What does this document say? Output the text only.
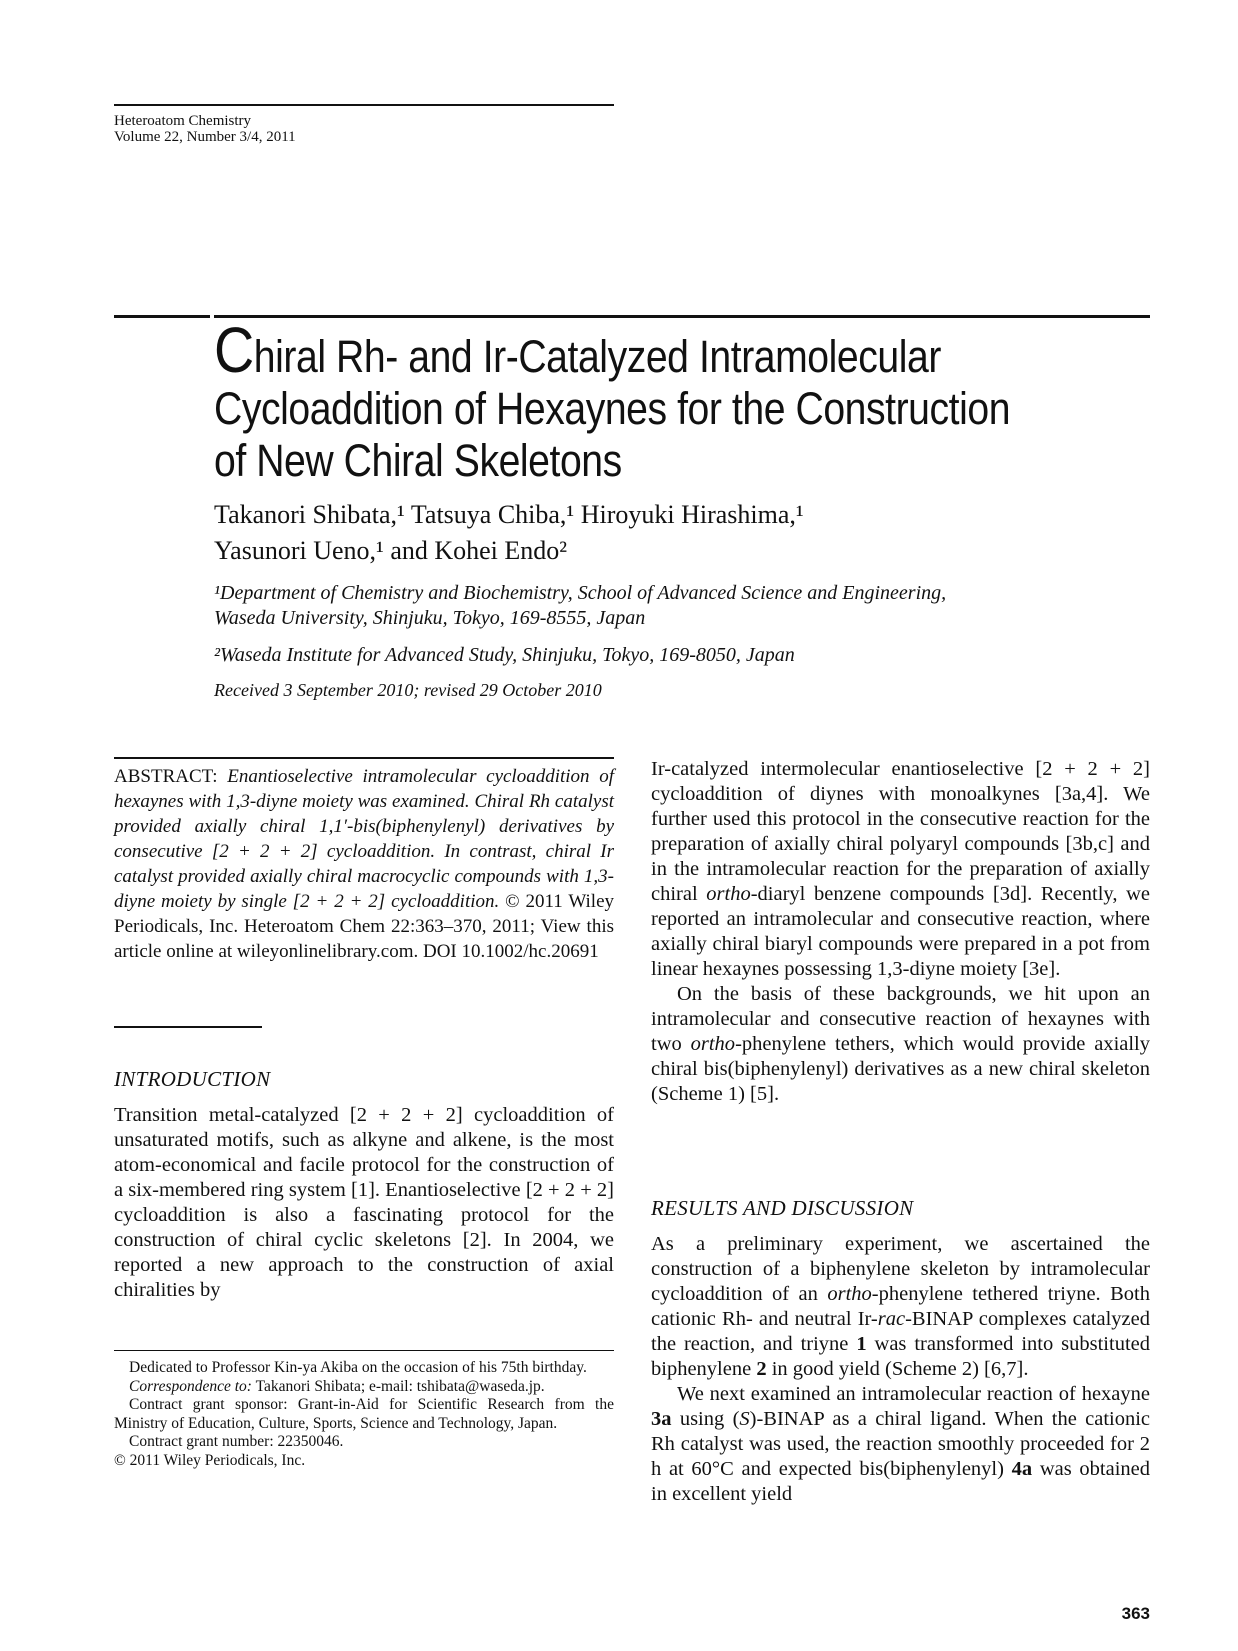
Heteroatom Chemistry
Volume 22, Number 3/4, 2011
Chiral Rh- and Ir-Catalyzed Intramolecular
Cycloaddition of Hexaynes for the Construction
of New Chiral Skeletons
Takanori Shibata,¹ Tatsuya Chiba,¹ Hiroyuki Hirashima,¹
Yasunori Ueno,¹ and Kohei Endo²
¹Department of Chemistry and Biochemistry, School of Advanced Science and Engineering,
Waseda University, Shinjuku, Tokyo, 169-8555, Japan
²Waseda Institute for Advanced Study, Shinjuku, Tokyo, 169-8050, Japan
Received 3 September 2010; revised 29 October 2010
ABSTRACT: Enantioselective intramolecular cycloaddition of hexaynes with 1,3-diyne moiety was examined. Chiral Rh catalyst provided axially chiral 1,1′-bis(biphenylenyl) derivatives by consecutive [2 + 2 + 2] cycloaddition. In contrast, chiral Ir catalyst provided axially chiral macrocyclic compounds with 1,3-diyne moiety by single [2 + 2 + 2] cycloaddition. © 2011 Wiley Periodicals, Inc. Heteroatom Chem 22:363–370, 2011; View this article online at wileyonlinelibrary.com. DOI 10.1002/hc.20691
INTRODUCTION

Transition metal-catalyzed [2 + 2 + 2] cycloaddition of unsaturated motifs, such as alkyne and alkene, is the most atom-economical and facile protocol for the construction of a six-membered ring system [1]. Enantioselective [2 + 2 + 2] cycloaddition is also a fascinating protocol for the construction of chiral cyclic skeletons [2]. In 2004, we reported a new approach to the construction of axial chiralities by

Ir-catalyzed intermolecular enantioselective [2 + 2 + 2] cycloaddition of diynes with monoalkynes [3a,4]. We further used this protocol in the consecutive reaction for the preparation of axially chiral polyaryl compounds [3b,c] and in the intramolecular reaction for the preparation of axially chiral ortho-diaryl benzene compounds [3d]. Recently, we reported an intramolecular and consecutive reaction, where axially chiral biaryl compounds were prepared in a pot from linear hexaynes possessing 1,3-diyne moiety [3e].

On the basis of these backgrounds, we hit upon an intramolecular and consecutive reaction of hexaynes with two ortho-phenylene tethers, which would provide axially chiral bis(biphenylenyl) derivatives as a new chiral skeleton (Scheme 1) [5].

RESULTS AND DISCUSSION

As a preliminary experiment, we ascertained the construction of a biphenylene skeleton by intramolecular cycloaddition of an ortho-phenylene tethered triyne. Both cationic Rh- and neutral Ir-rac-BINAP complexes catalyzed the reaction, and triyne 1 was transformed into substituted biphenylene 2 in good yield (Scheme 2) [6,7].

We next examined an intramolecular reaction of hexayne 3a using (S)-BINAP as a chiral ligand. When the cationic Rh catalyst was used, the reaction smoothly proceeded for 2 h at 60°C and expected bis(biphenylenyl) 4a was obtained in excellent yield

Dedicated to Professor Kin-ya Akiba on the occasion of his 75th birthday.

Correspondence to: Takanori Shibata; e-mail: tshibata@waseda.jp.

Contract grant sponsor: Grant-in-Aid for Scientific Research from the Ministry of Education, Culture, Sports, Science and Technology, Japan.

Contract grant number: 22350046.

© 2011 Wiley Periodicals, Inc.

363
